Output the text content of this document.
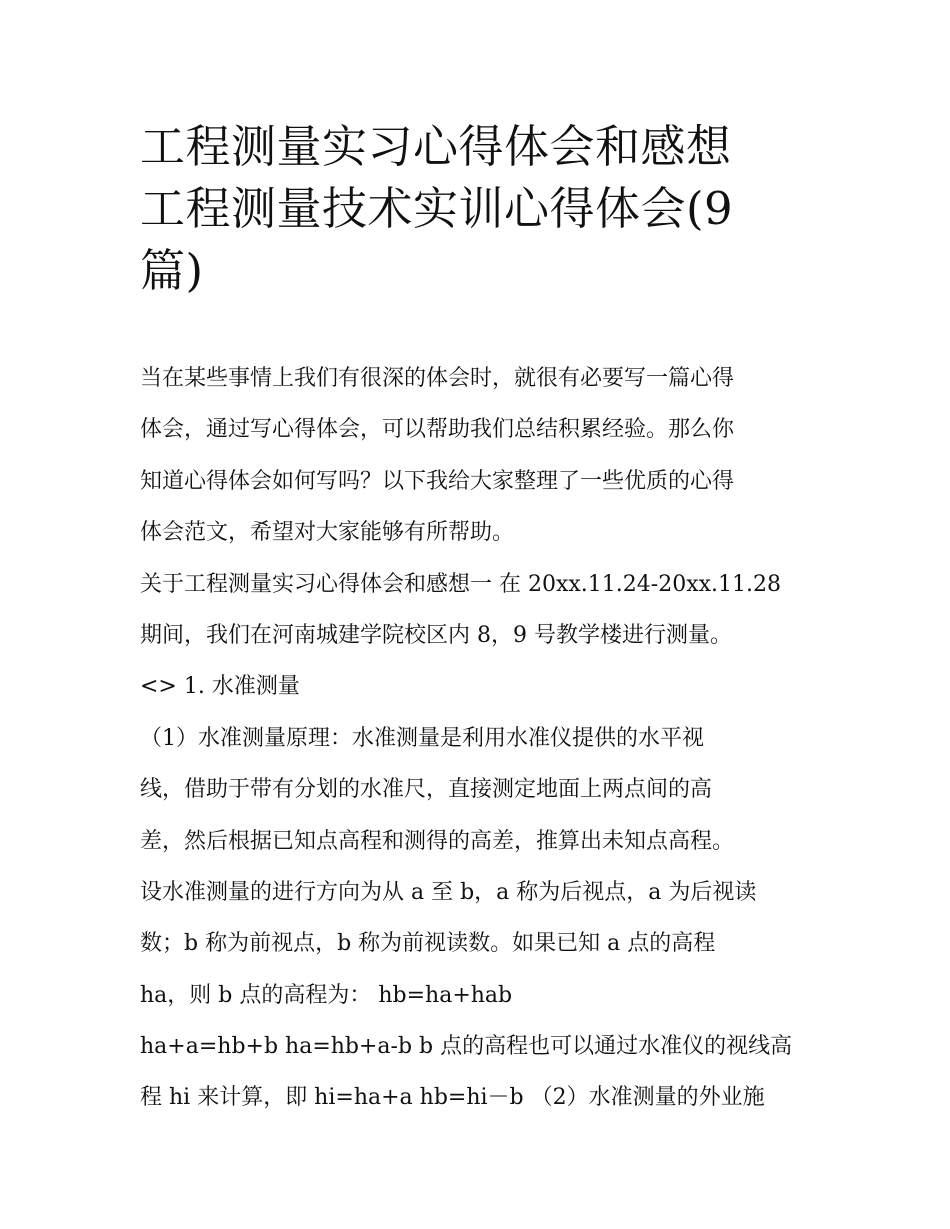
工程测量实习心得体会和感想
工程测量技术实训心得体会(9
篇)
当在某些事情上我们有很深的体会时，就很有必要写一篇心得
体会，通过写心得体会，可以帮助我们总结积累经验。那么你
知道心得体会如何写吗？以下我给大家整理了一些优质的心得
体会范文，希望对大家能够有所帮助。
关于工程测量实习心得体会和感想一 在 20xx.11.24-20xx.11.28
期间，我们在河南城建学院校区内 8，9 号教学楼进行测量。
<> 1. 水准测量
（1）水准测量原理：水准测量是利用水准仪提供的水平视
线，借助于带有分划的水准尺，直接测定地面上两点间的高
差，然后根据已知点高程和测得的高差，推算出未知点高程。
设水准测量的进行方向为从 a 至 b，a 称为后视点，a 为后视读
数；b 称为前视点，b 称为前视读数。如果已知 a 点的高程
ha，则 b 点的高程为： hb=ha+hab
ha+a=hb+b ha=hb+a-b b 点的高程也可以通过水准仪的视线高
程 hi 来计算，即 hi=ha+a hb=hi－b （2）水准测量的外业施
